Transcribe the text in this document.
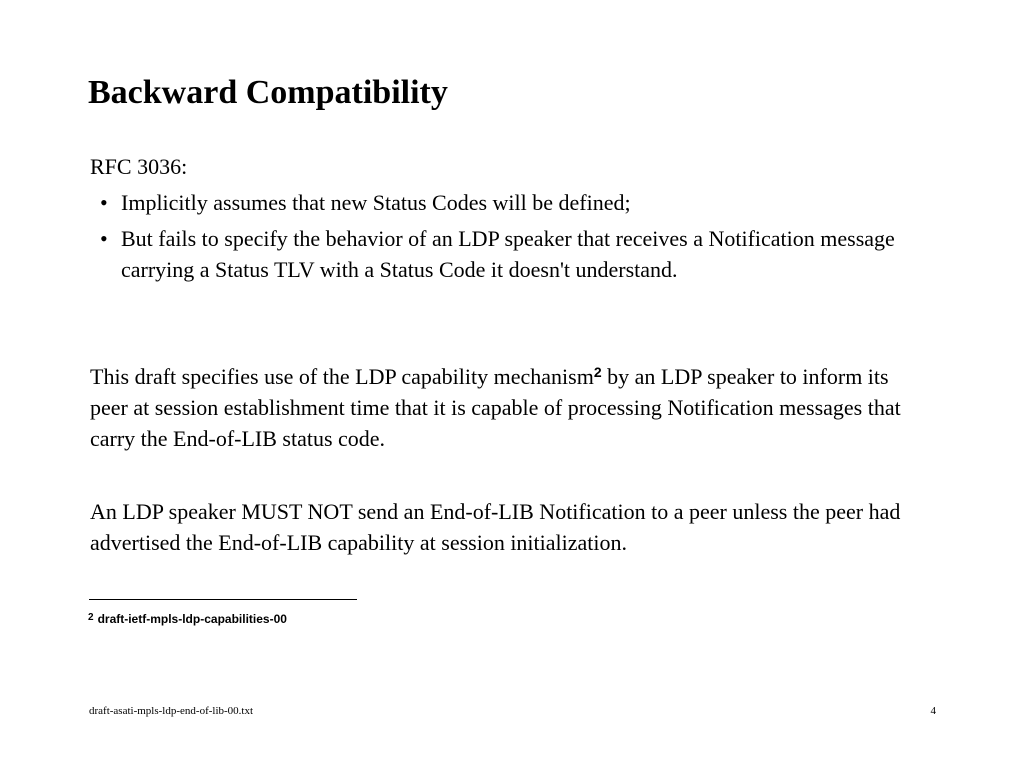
Backward Compatibility

RFC 3036:

• Implicitly assumes that new Status Codes will be defined;
• But fails to specify the behavior of an LDP speaker that receives a Notification message carrying a Status TLV with a Status Code it doesn't understand.

This draft specifies use of the LDP capability mechanism$^2$ by an LDP speaker to inform its peer at session establishment time that it is capable of processing Notification messages that carry the End-of-LIB status code.

An LDP speaker MUST NOT send an End-of-LIB Notification to a peer unless the peer had advertised the End-of-LIB capability at session initialization.

$^2$ draft-ietf-mpls-ldp-capabilities-00

draft-asati-mpls-ldp-end-of-lib-00.txt	4
